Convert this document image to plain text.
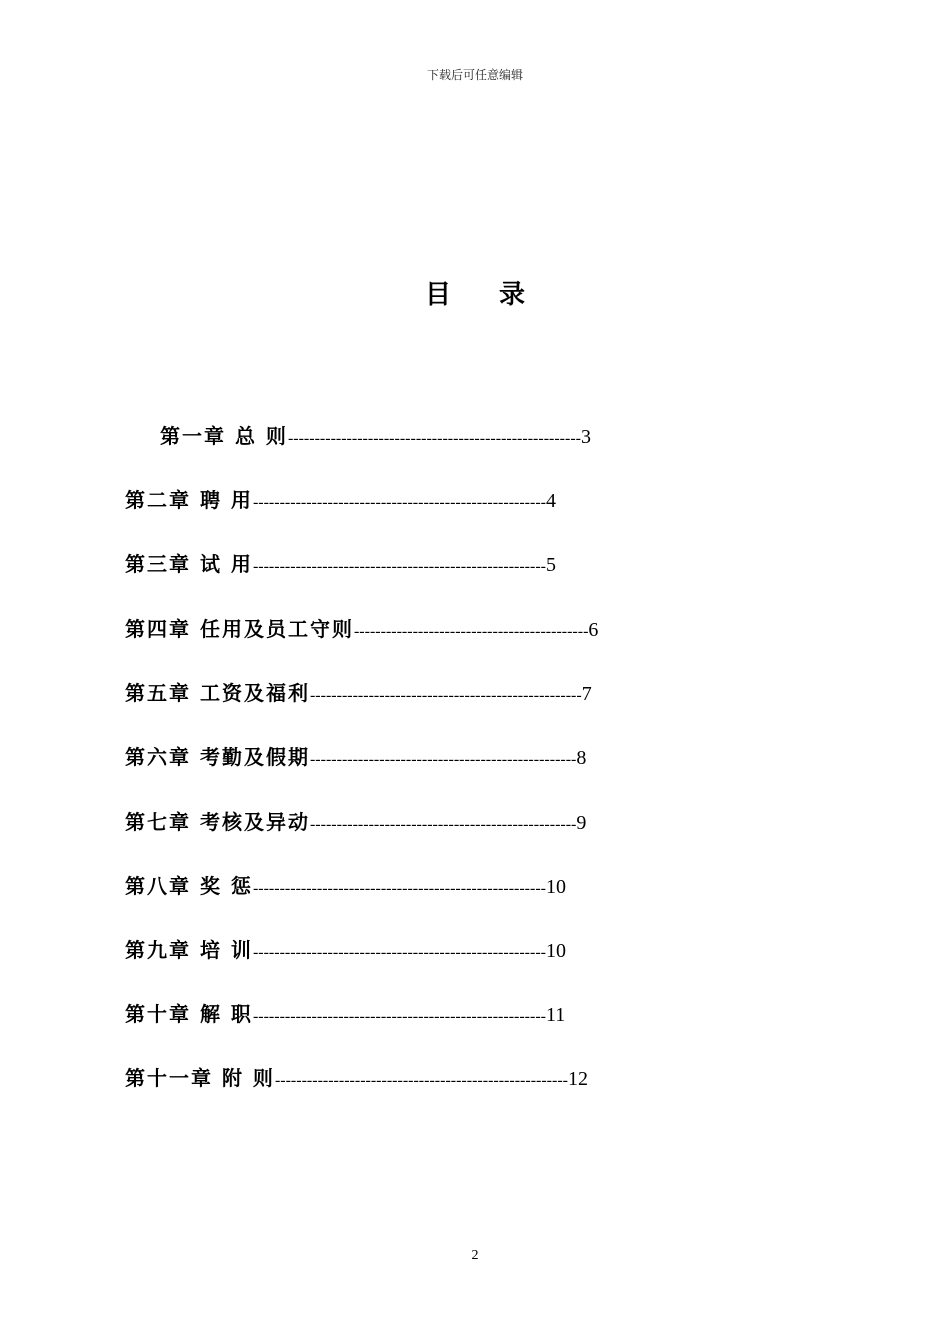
下载后可任意编辑
目录
第一章 总 则-------------------------------------------------------3
第二章 聘 用-------------------------------------------------------4
第三章 试 用-------------------------------------------------------5
第四章 任用及员工守则--------------------------------------------6
第五章 工资及福利---------------------------------------------------7
第六章 考勤及假期--------------------------------------------------8
第七章 考核及异动--------------------------------------------------9
第八章 奖 惩-------------------------------------------------------10
第九章 培 训-------------------------------------------------------10
第十章 解 职-------------------------------------------------------11
第十一章 附 则-------------------------------------------------------12
2
